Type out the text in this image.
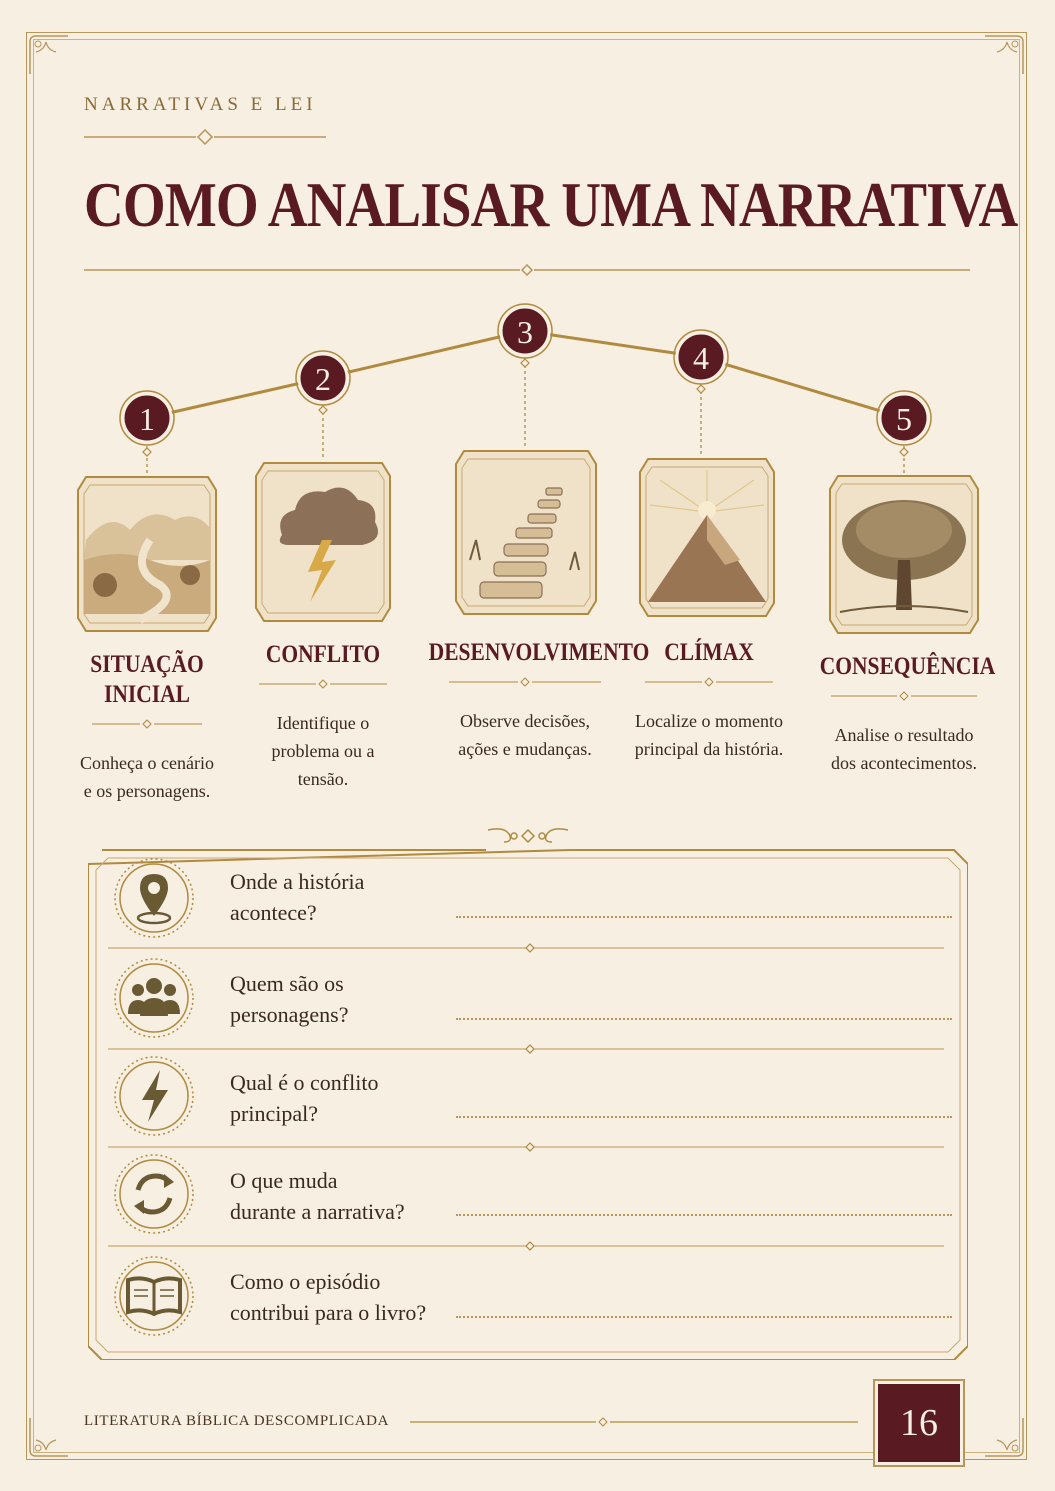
NARRATIVAS E LEI
COMO ANALISAR UMA NARRATIVA
1
2
3
4
5
SITUAÇÃO
INICIAL
Conheça o cenário
e os personagens.
CONFLITO
Identifique o
problema ou a
tensão.
DESENVOLVIMENTO
Observe decisões,
ações e mudanças.
CLÍMAX
Localize o momento
principal da história.
CONSEQUÊNCIA
Analise o resultado
dos acontecimentos.
Onde a história
acontece?
Quem são os
personagens?
Qual é o conflito
principal?
O que muda
durante a narrativa?
Como o episódio
contribui para o livro?
LITERATURA BÍBLICA DESCOMPLICADA	16
